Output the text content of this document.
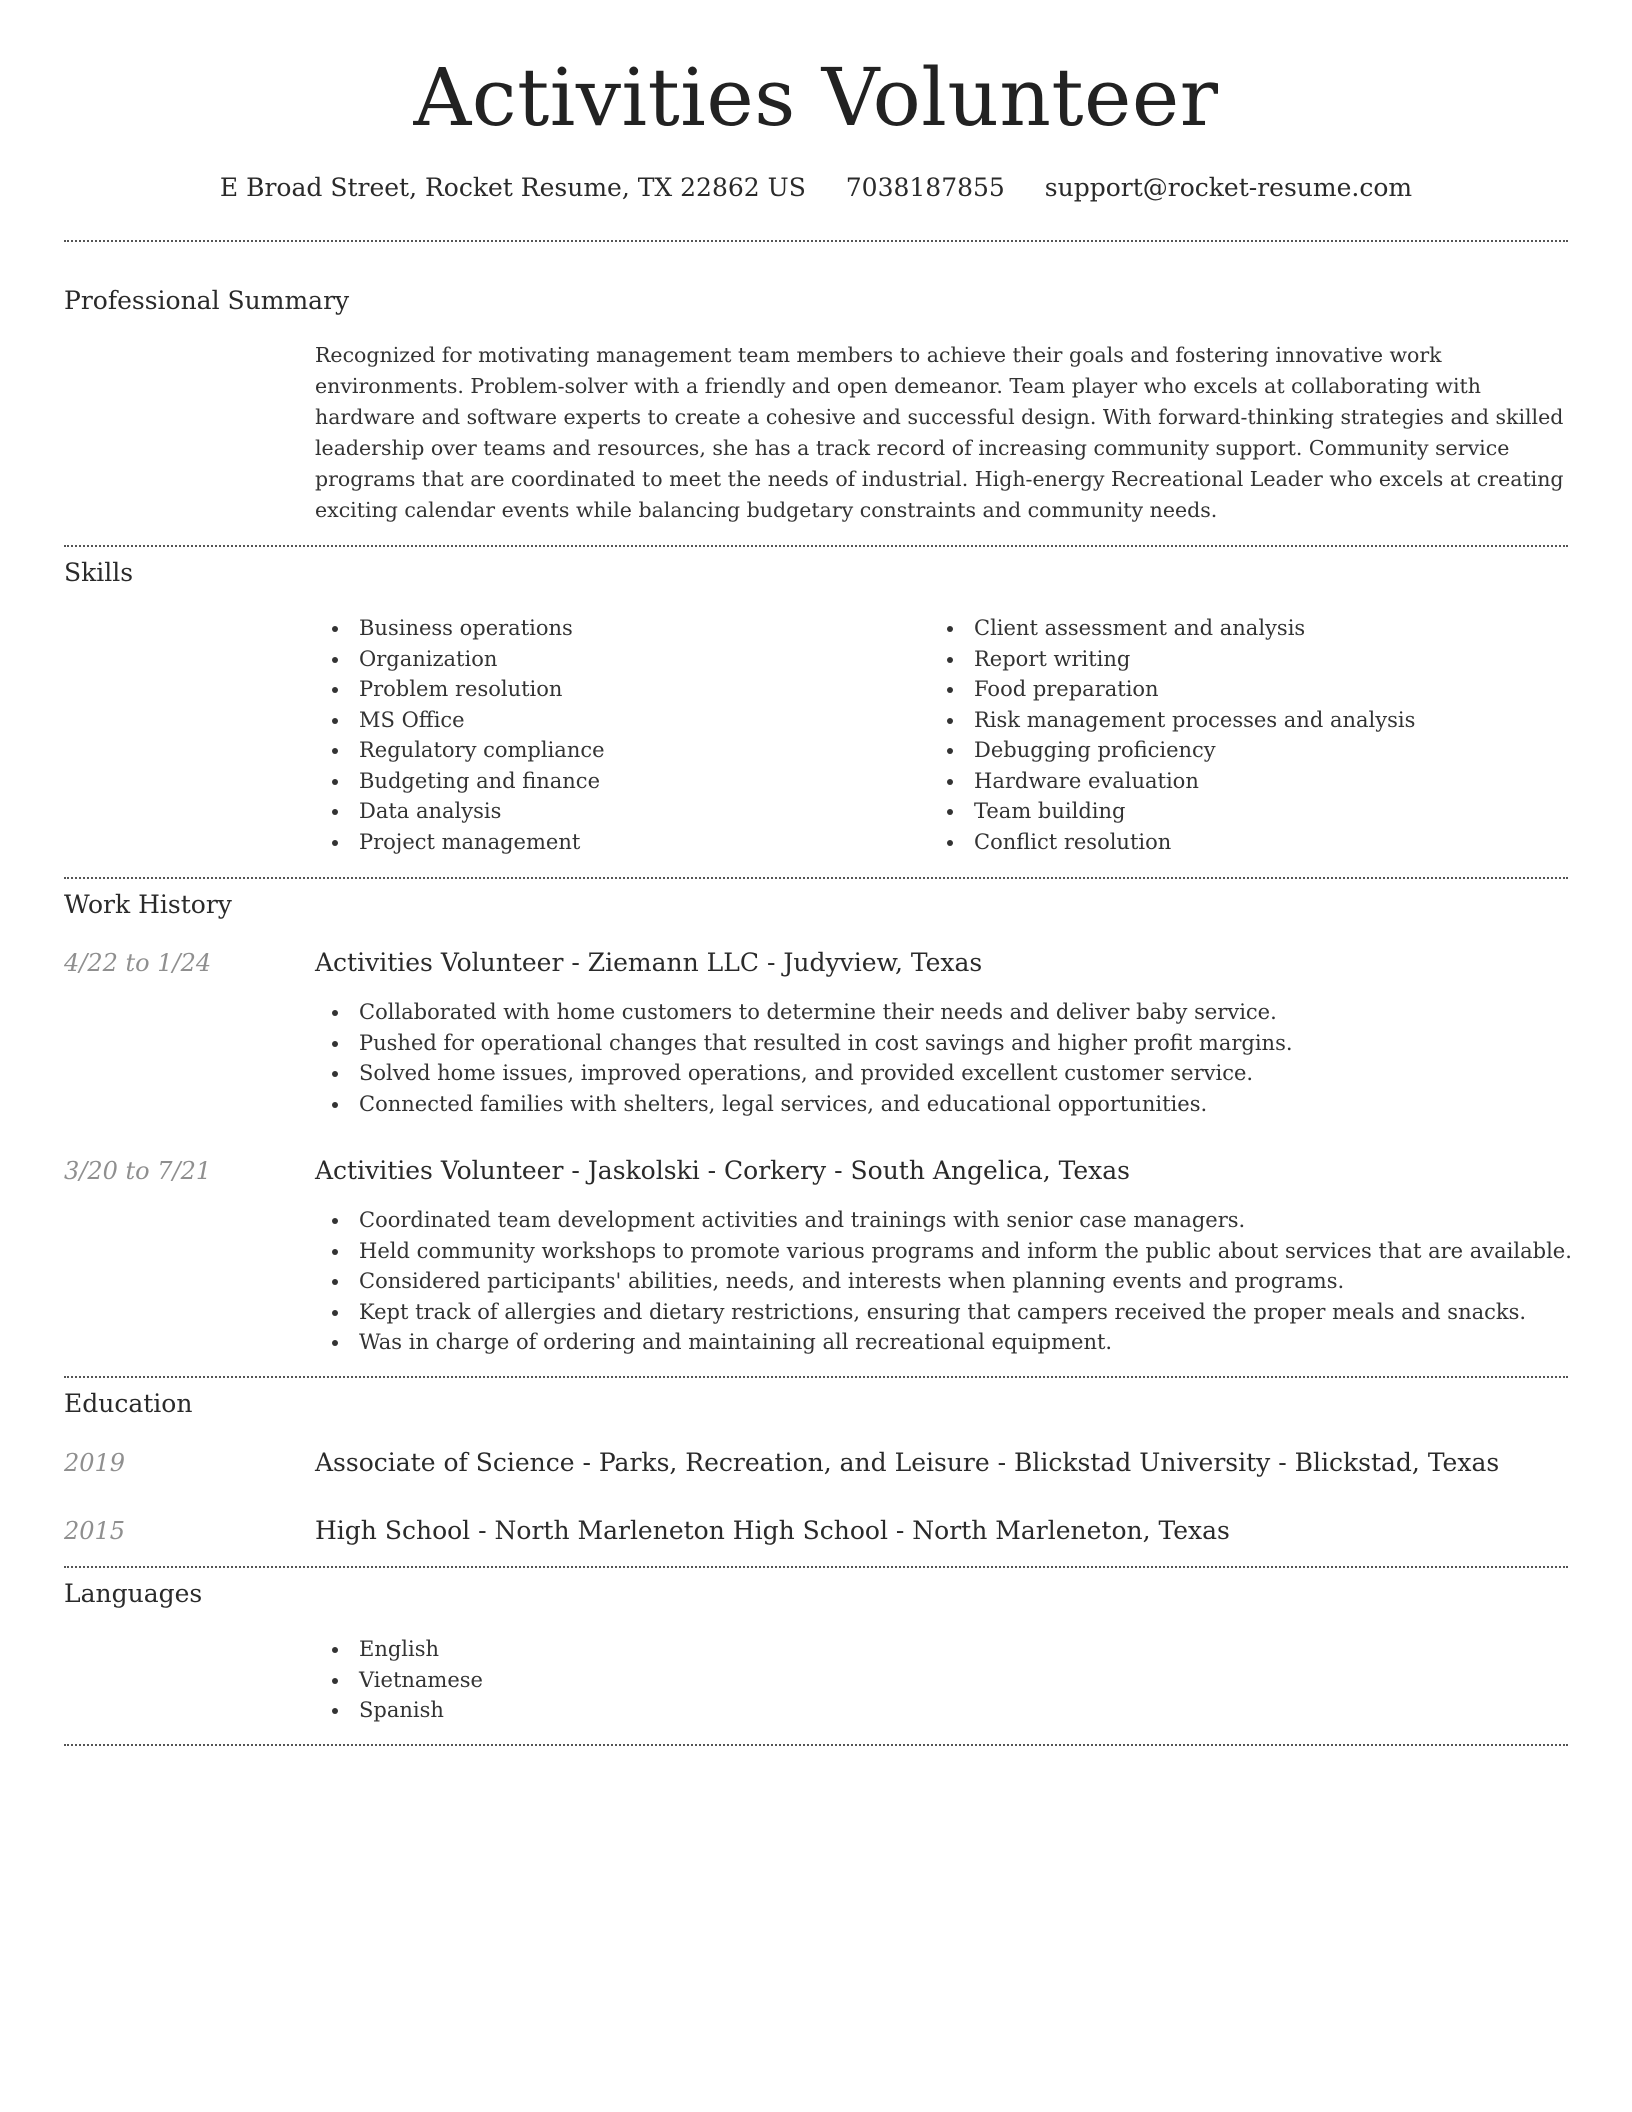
Activities Volunteer
E Broad Street, Rocket Resume, TX 22862 US 7038187855 support@rocket-resume.com
Professional Summary

Recognized for motivating management team members to achieve their goals and fostering innovative work environments. Problem-solver with a friendly and open demeanor. Team player who excels at collaborating with hardware and software experts to create a cohesive and successful design. With forward-thinking strategies and skilled leadership over teams and resources, she has a track record of increasing community support. Community service programs that are coordinated to meet the needs of industrial. High-energy Recreational Leader who excels at creating exciting calendar events while balancing budgetary constraints and community needs.

Skills
Business operations
Organization
Problem resolution
MS Office
Regulatory compliance
Budgeting and finance
Data analysis
Project management
Client assessment and analysis
Report writing
Food preparation
Risk management processes and analysis
Debugging proficiency
Hardware evaluation
Team building
Conflict resolution
Work History
4/22 to 1/24	Activities Volunteer - Ziemann LLC - Judyview, Texas
Collaborated with home customers to determine their needs and deliver baby service.
Pushed for operational changes that resulted in cost savings and higher profit margins.
Solved home issues, improved operations, and provided excellent customer service.
Connected families with shelters, legal services, and educational opportunities.
3/20 to 7/21	Activities Volunteer - Jaskolski - Corkery - South Angelica, Texas
Coordinated team development activities and trainings with senior case managers.
Held community workshops to promote various programs and inform the public about services that are available.
Considered participants' abilities, needs, and interests when planning events and programs.
Kept track of allergies and dietary restrictions, ensuring that campers received the proper meals and snacks.
Was in charge of ordering and maintaining all recreational equipment.
Education
2019	Associate of Science - Parks, Recreation, and Leisure - Blickstad University - Blickstad, Texas
2015	High School - North Marleneton High School - North Marleneton, Texas
Languages
English
Vietnamese
Spanish
